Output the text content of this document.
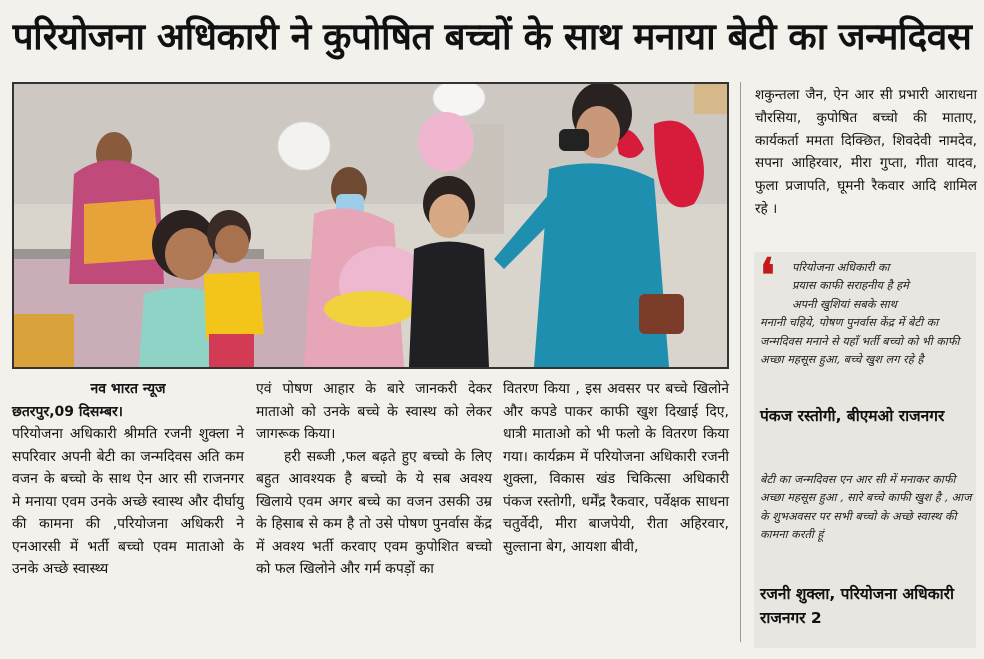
परियोजना अधिकारी ने कुपोषित बच्चों के साथ मनाया बेटी का जन्मदिवस

नव भारत न्यूज

छतरपुर,09 दिसम्बर।

परियोजना अधिकारी श्रीमति रजनी शुक्ला ने सपरिवार अपनी बेटी का जन्मदिवस अति कम वजन के बच्चो के साथ ऐन आर सी राजनगर मे मनाया एवम उनके अच्छे स्वास्थ और दीर्घायु की कामना की ,परियोजना अधिकरी ने एनआरसी में भर्ती बच्चो एवम माताओ के उनके अच्छे स्वास्थ्य

एवं पोषण आहार के बारे जानकरी देकर माताओ को उनके बच्चे के स्वास्थ को लेकर जागरूक किया।

हरी सब्जी ,फल बढ़ते हुए बच्चो के लिए बहुत आवश्यक है बच्चो के ये सब अवश्य खिलाये एवम अगर बच्चे का वजन उसकी उम्र के हिसाब से कम है तो उसे पोषण पुनर्वास केंद्र में अवश्य भर्ती करवाए एवम कुपोशित बच्चो को फल खिलोने और गर्म कपड़ों का

वितरण किया , इस अवसर पर बच्चे खिलोने और कपडे पाकर काफी खुश दिखाई दिए, धात्री माताओ को भी फलो के वितरण किया गया। कार्यक्रम में परियोजना अधिकारी रजनी शुक्ला, विकास खंड चिकित्सा अधिकारी पंकज रस्तोगी, धर्मेंद्र रैकवार, पर्वेक्षक साधना चतुर्वेदी, मीरा बाजपेयी, रीता अहिरवार, सुल्ताना बेग, आयशा बीवी,

शकुन्तला जैन, ऐन आर सी प्रभारी आराधना चौरसिया, कुपोषित बच्चो की माताए, कार्यकर्ता ममता दिक्छित, शिवदेवी नामदेव, सपना आहिरवार, मीरा गुप्ता, गीता यादव, फुला प्रजापति, घूमनी रैकवार आदि शामिल रहे ।

❛	परियोजना अधिकारी का
प्रयास काफी सराहनीय है हमे
अपनी खुशियां सबके साथ
मनानी चहिये, पोषण पुनर्वास केंद्र में बेटी का जन्मदिवस मनाने से यहाँ भर्ती बच्चो को भी काफी अच्छा महसूस हुआ, बच्चे खुश लग रहे है
पंकज रस्तोगी, बीएमओ राजनगर
बेटी का जन्मदिवस एन आर सी में मनाकर काफी अच्छा महसूस हुआ , सारे बच्चे काफी खुश है , आज के शुभअवसर पर सभी बच्चो के अच्छे स्वास्थ की कामना करती हूं
रजनी शुक्ला, परियोजना अधिकारी राजनगर 2
